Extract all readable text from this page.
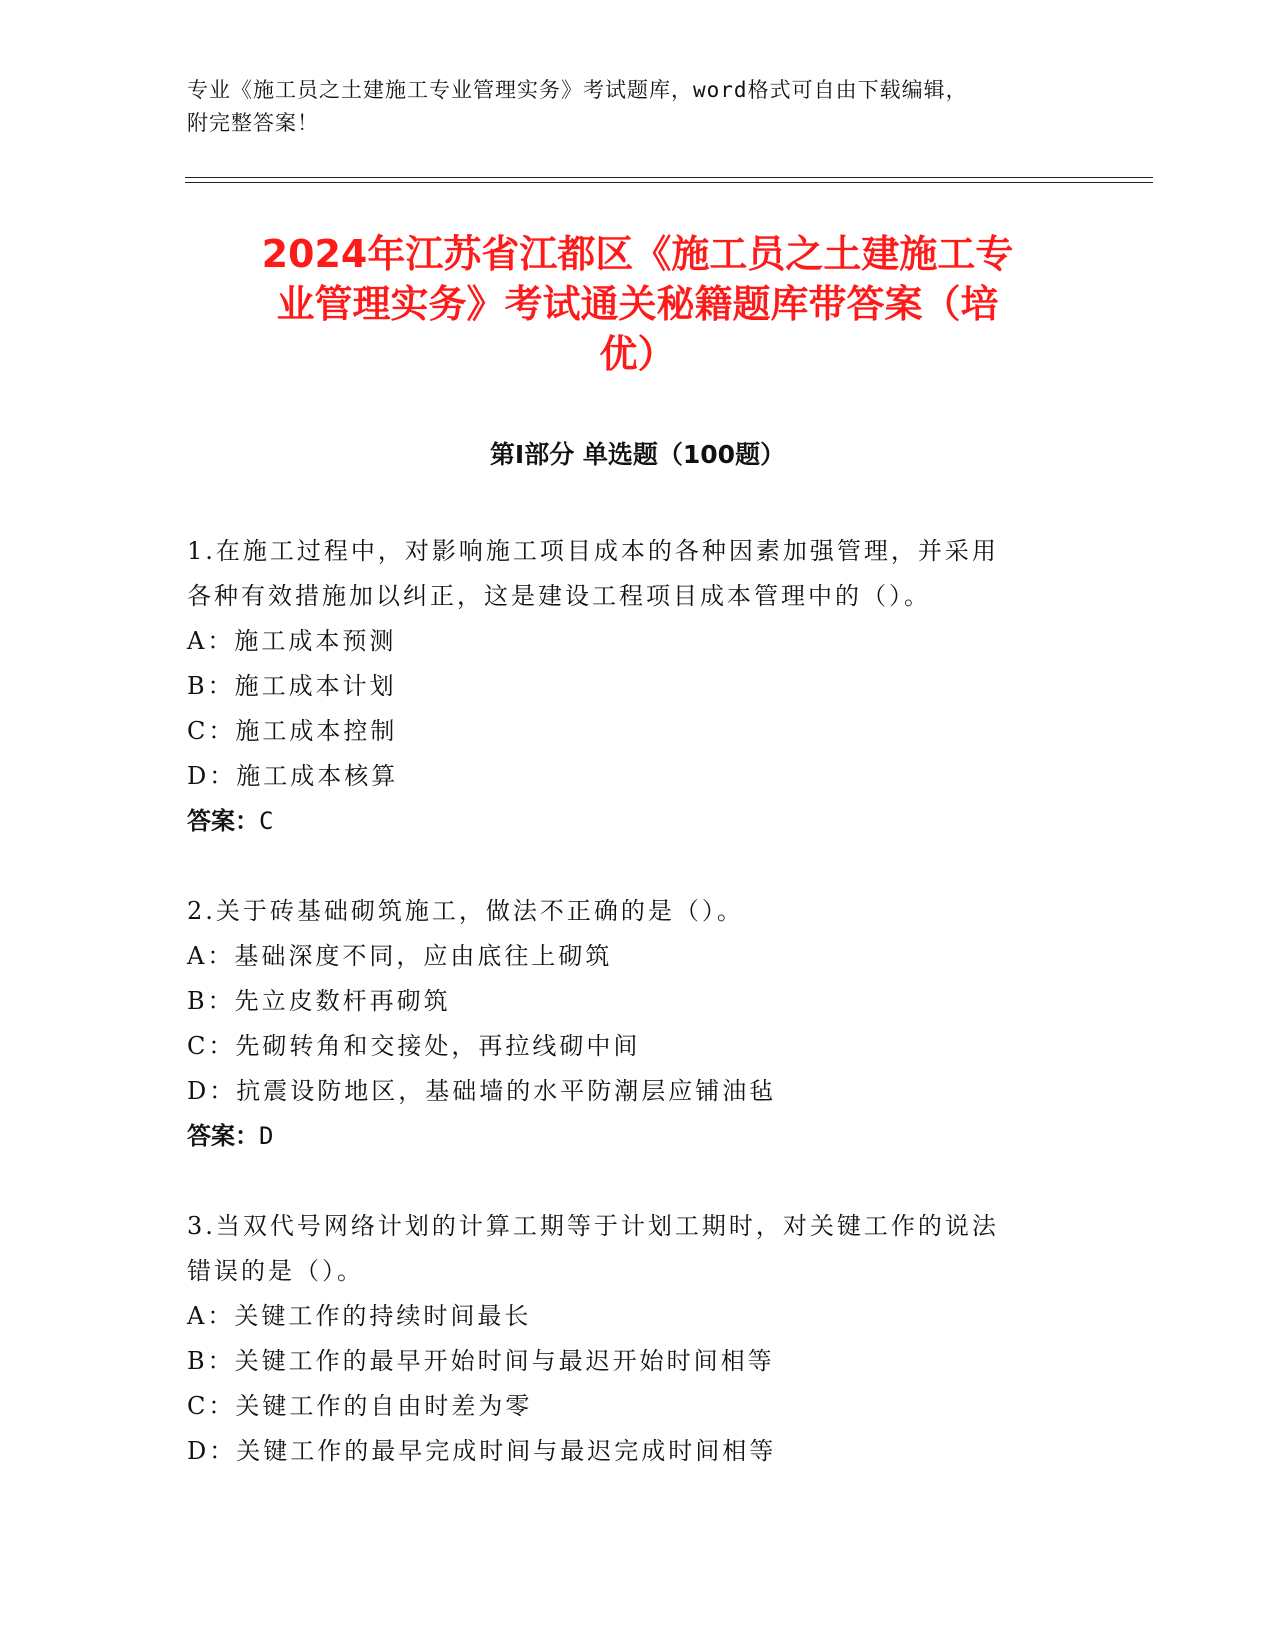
专业《施工员之土建施工专业管理实务》考试题库，word格式可自由下载编辑，
附完整答案！
2024年江苏省江都区《施工员之土建施工专
业管理实务》考试通关秘籍题库带答案（培
优）
第Ⅰ部分 单选题（100题）

1.在施工过程中，对影响施工项目成本的各种因素加强管理，并采用

各种有效措施加以纠正，这是建设工程项目成本管理中的（）。

A：施工成本预测

B：施工成本计划

C：施工成本控制

D：施工成本核算

答案：C

2.关于砖基础砌筑施工，做法不正确的是（）。

A：基础深度不同，应由底往上砌筑

B：先立皮数杆再砌筑

C：先砌转角和交接处，再拉线砌中间

D：抗震设防地区，基础墙的水平防潮层应铺油毡

答案：D

3.当双代号网络计划的计算工期等于计划工期时，对关键工作的说法

错误的是（）。

A：关键工作的持续时间最长

B：关键工作的最早开始时间与最迟开始时间相等

C：关键工作的自由时差为零

D：关键工作的最早完成时间与最迟完成时间相等
